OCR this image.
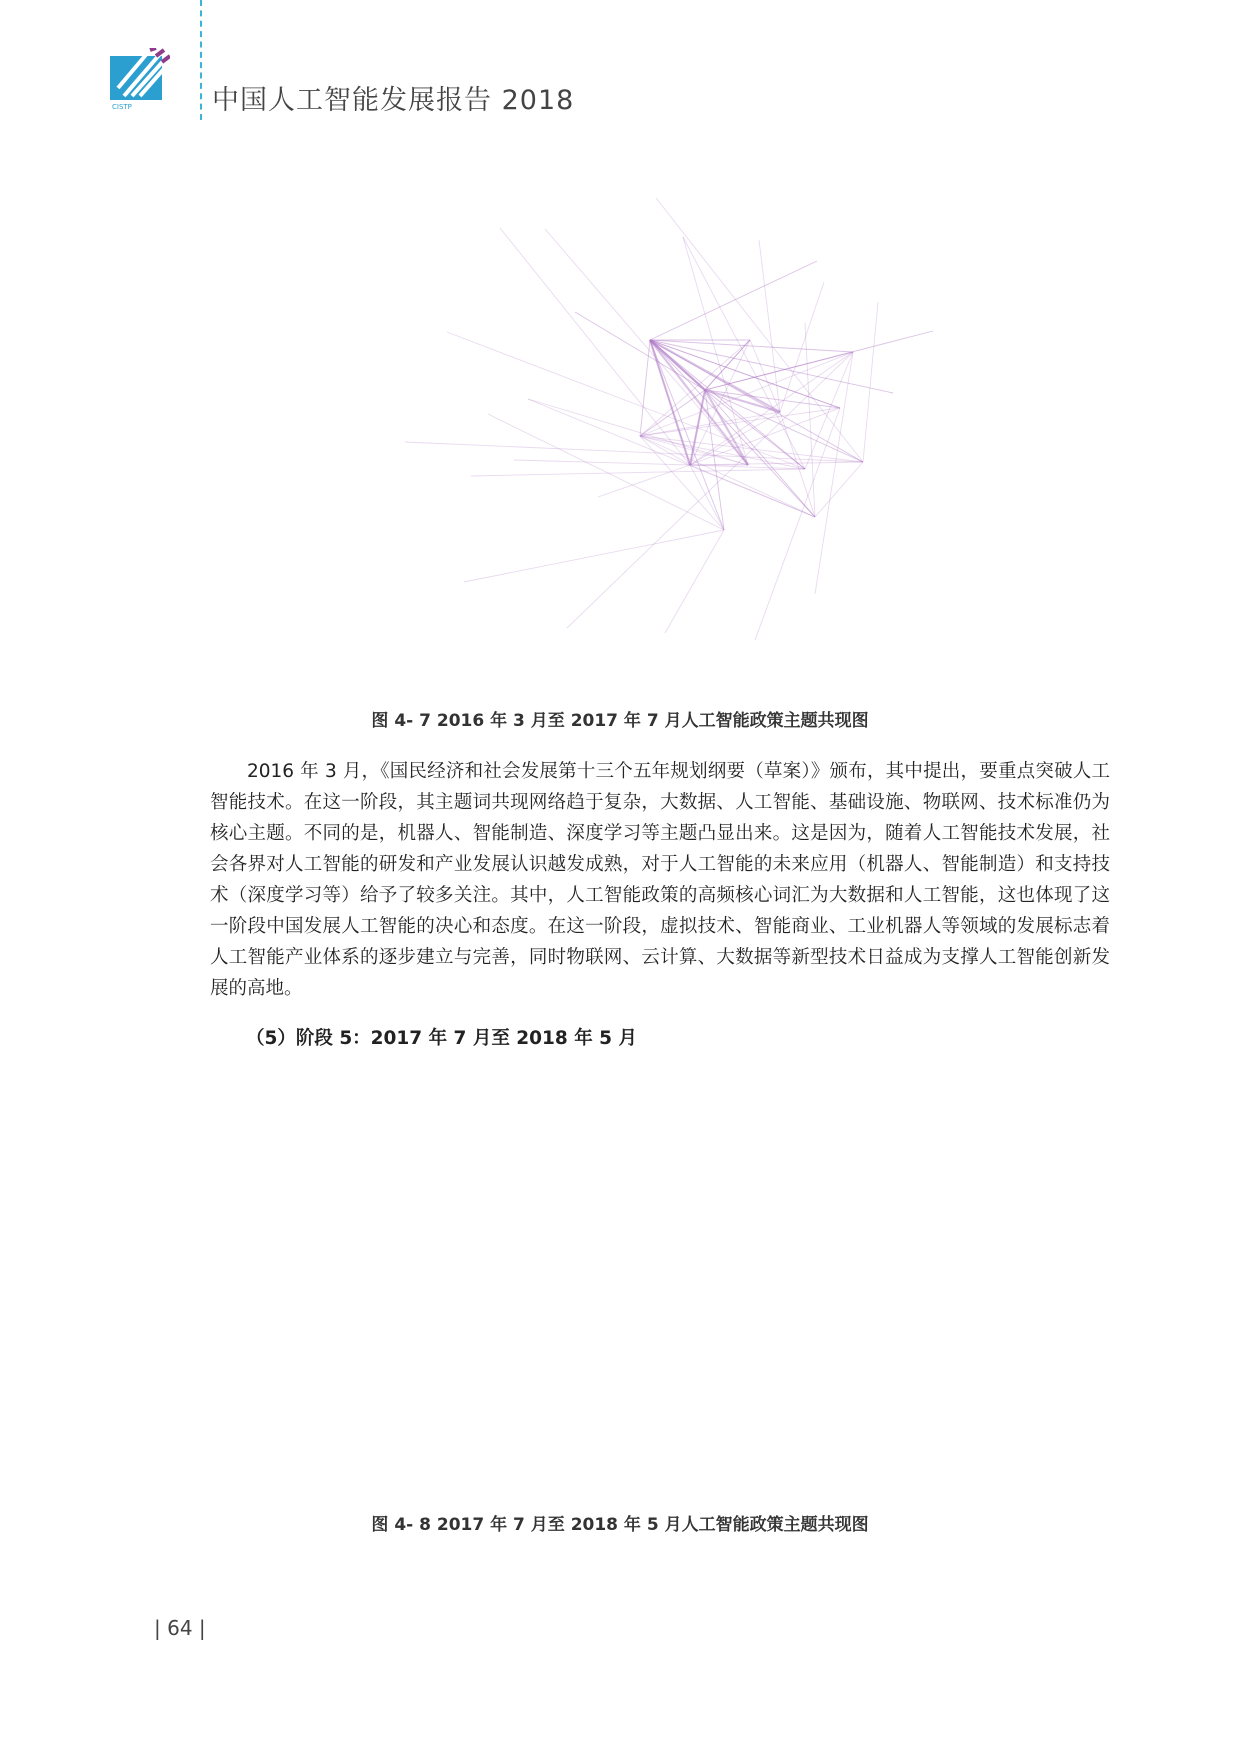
CISTP	中国人工智能发展报告 2018
图 4- 7 2016 年 3 月至 2017 年 7 月人工智能政策主题共现图
2016 年 3 月，《国民经济和社会发展第十三个五年规划纲要（草案）》颁布，其中提出，要重点突破人工智能技术。在这一阶段，其主题词共现网络趋于复杂，大数据、人工智能、基础设施、物联网、技术标准仍为核心主题。不同的是，机器人、智能制造、深度学习等主题凸显出来。这是因为，随着人工智能技术发展，社会各界对人工智能的研发和产业发展认识越发成熟，对于人工智能的未来应用（机器人、智能制造）和支持技术（深度学习等）给予了较多关注。其中，人工智能政策的高频核心词汇为大数据和人工智能，这也体现了这一阶段中国发展人工智能的决心和态度。在这一阶段，虚拟技术、智能商业、工业机器人等领域的发展标志着人工智能产业体系的逐步建立与完善，同时物联网、云计算、大数据等新型技术日益成为支撑人工智能创新发展的高地。
（5）阶段 5：2017 年 7 月至 2018 年 5 月
图 4- 8 2017 年 7 月至 2018 年 5 月人工智能政策主题共现图
| 64 |
